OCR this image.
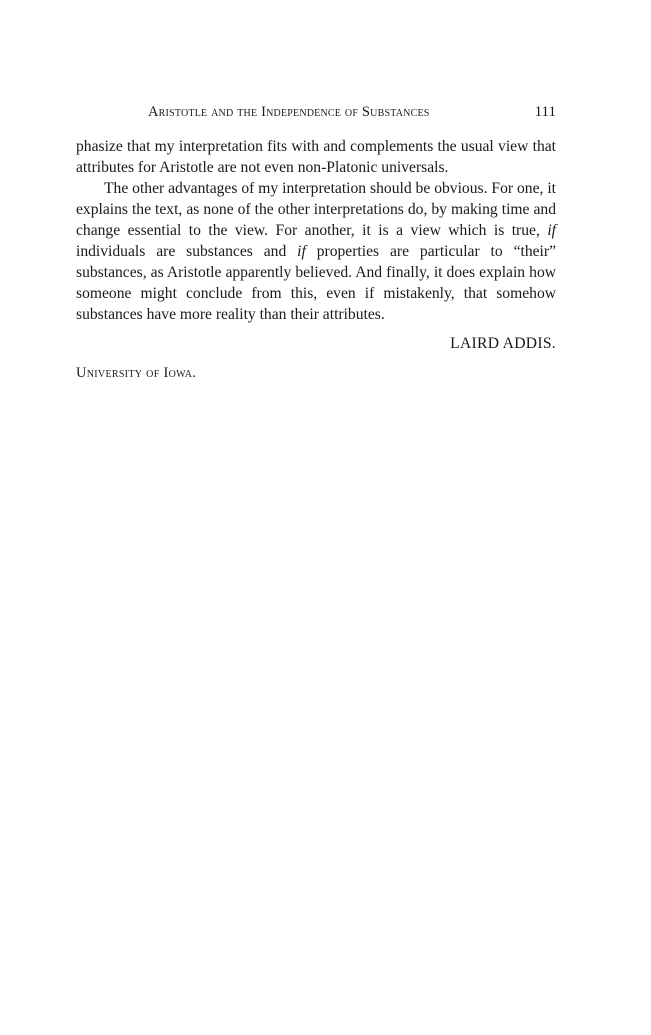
Aristotle and the Independence of Substances	111

phasize that my interpretation fits with and complements the usual view that attributes for Aristotle are not even non-Platonic universals.

The other advantages of my interpretation should be obvious. For one, it explains the text, as none of the other interpretations do, by making time and change essential to the view. For another, it is a view which is true, if individuals are substances and if properties are particular to “their” substances, as Aristotle apparently believed. And finally, it does explain how someone might conclude from this, even if mistakenly, that somehow substances have more reality than their attributes.

LAIRD ADDIS.
University of Iowa.
